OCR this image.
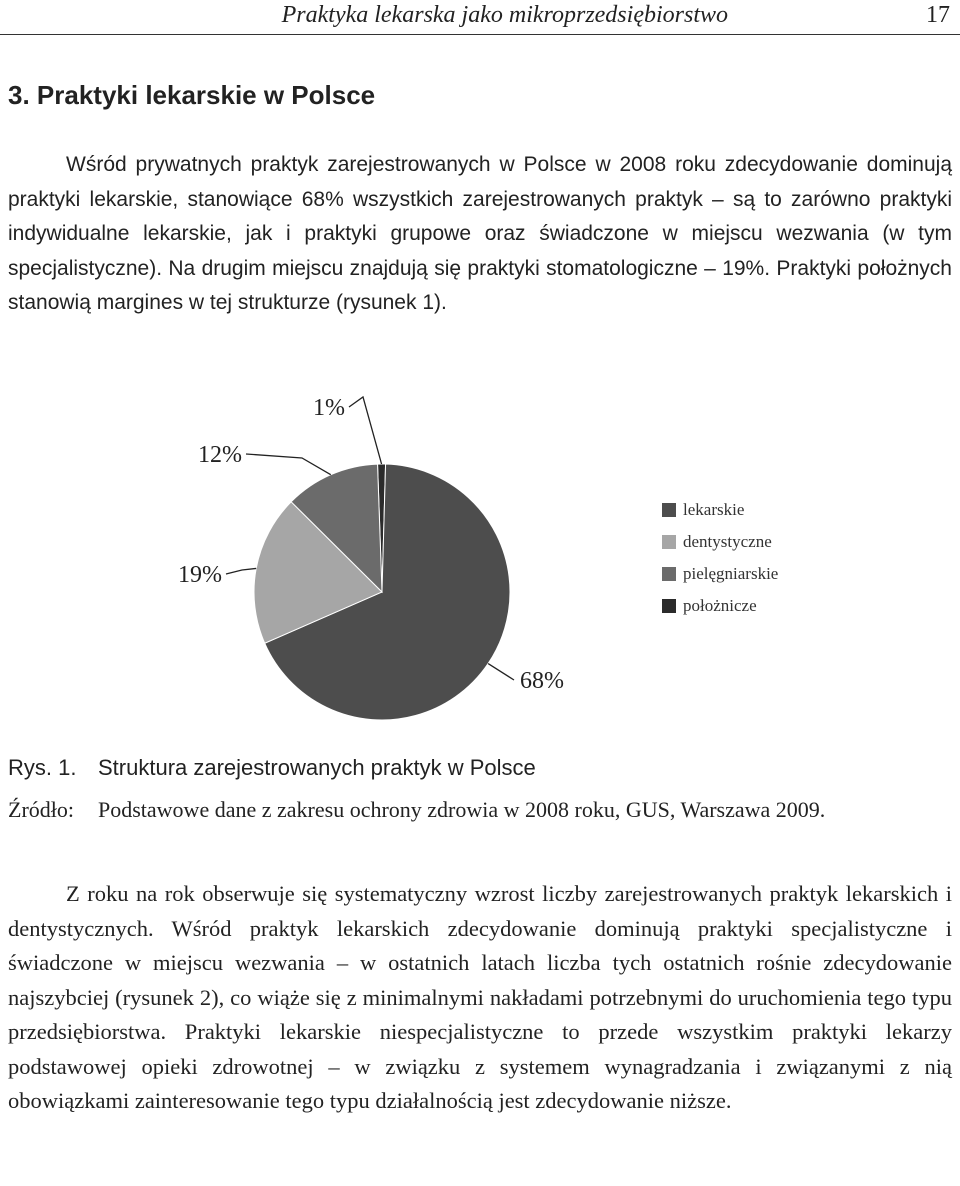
Praktyka lekarska jako mikroprzedsiębiorstwo	17
3. Praktyki lekarskie w Polsce

Wśród prywatnych praktyk zarejestrowanych w Polsce w 2008 roku zdecydowanie dominują praktyki lekarskie, stanowiące 68% wszystkich zarejestrowanych praktyk – są to zarówno praktyki indywidualne lekarskie, jak i praktyki grupowe oraz świadczone w miejscu wezwania (w tym specjalistyczne). Na drugim miejscu znajdują się praktyki stomatologiczne – 19%. Praktyki położnych stanowią margines w tej strukturze (rysunek 1).

68%
19%
12%
1%
lekarskie
dentystyczne
pielęgniarskie
położnicze
Rys. 1. Struktura zarejestrowanych praktyk w Polsce
Źródło: Podstawowe dane z zakresu ochrony zdrowia w 2008 roku, GUS, Warszawa 2009.

Z roku na rok obserwuje się systematyczny wzrost liczby zarejestrowanych praktyk lekarskich i dentystycznych. Wśród praktyk lekarskich zdecydowanie dominują praktyki specjalistyczne i świadczone w miejscu wezwania – w ostatnich latach liczba tych ostatnich rośnie zdecydowanie najszybciej (rysunek 2), co wiąże się z minimalnymi nakładami potrzebnymi do uruchomienia tego typu przedsiębiorstwa. Praktyki lekarskie niespecjalistyczne to przede wszystkim praktyki lekarzy podstawowej opieki zdrowotnej – w związku z systemem wynagradzania i związanymi z nią obowiązkami zainteresowanie tego typu działalnością jest zdecydowanie niższe.
